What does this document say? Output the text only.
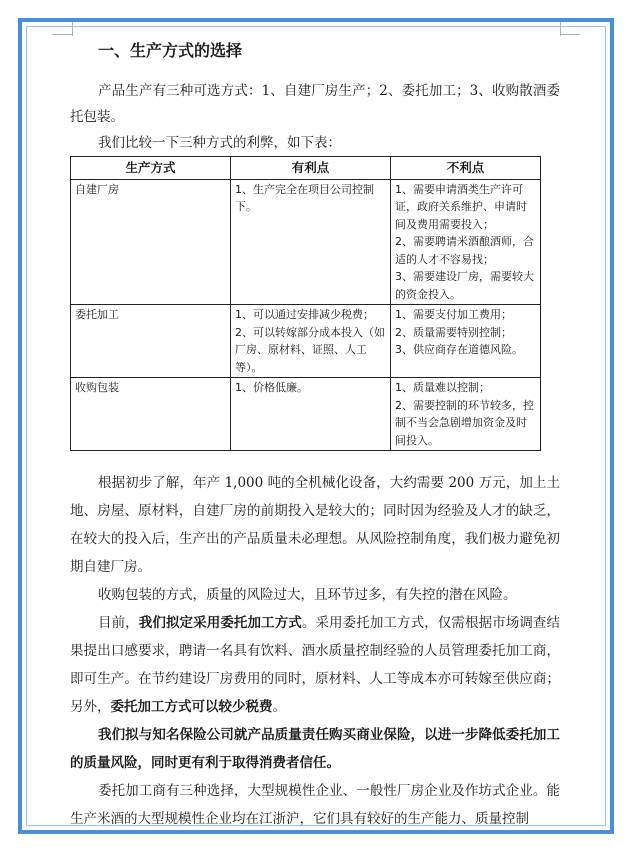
一、生产方式的选择

产品生产有三种可选方式：1、自建厂房生产；2、委托加工；3、收购散酒委托包装。

我们比较一下三种方式的利弊，如下表：

生产方式	有利点	不利点
自建厂房	1、生产完全在项目公司控制下。	1、需要申请酒类生产许可证，政府关系维护、申请时间及费用需要投入；
2、需要聘请米酒酿酒师，合适的人才不容易找；
3、需要建设厂房，需要较大的资金投入。

委托加工	1、可以通过安排减少税费；
2、可以转嫁部分成本投入（如厂房、原材料、证照、人工等）。	1、需要支付加工费用；
2、质量需要特别控制；
3、供应商存在道德风险。

收购包装	1、价格低廉。	1、质量难以控制；
2、需要控制的环节较多，控制不当会急剧增加资金及时间投入。

根据初步了解，年产 1,000 吨的全机械化设备，大约需要 200 万元，加上土地、房屋、原材料，自建厂房的前期投入是较大的；同时因为经验及人才的缺乏，在较大的投入后，生产出的产品质量未必理想。从风险控制角度，我们极力避免初期自建厂房。

收购包装的方式，质量的风险过大，且环节过多，有失控的潜在风险。

目前，我们拟定采用委托加工方式。采用委托加工方式，仅需根据市场调查结果提出口感要求，聘请一名具有饮料、酒水质量控制经验的人员管理委托加工商，即可生产。在节约建设厂房费用的同时，原材料、人工等成本亦可转嫁至供应商；另外，委托加工方式可以较少税费。

我们拟与知名保险公司就产品质量责任购买商业保险，以进一步降低委托加工的质量风险，同时更有利于取得消费者信任。

委托加工商有三种选择，大型规模性企业、一般性厂房企业及作坊式企业。能生产米酒的大型规模性企业均在江浙沪，它们具有较好的生产能力、质量控制
